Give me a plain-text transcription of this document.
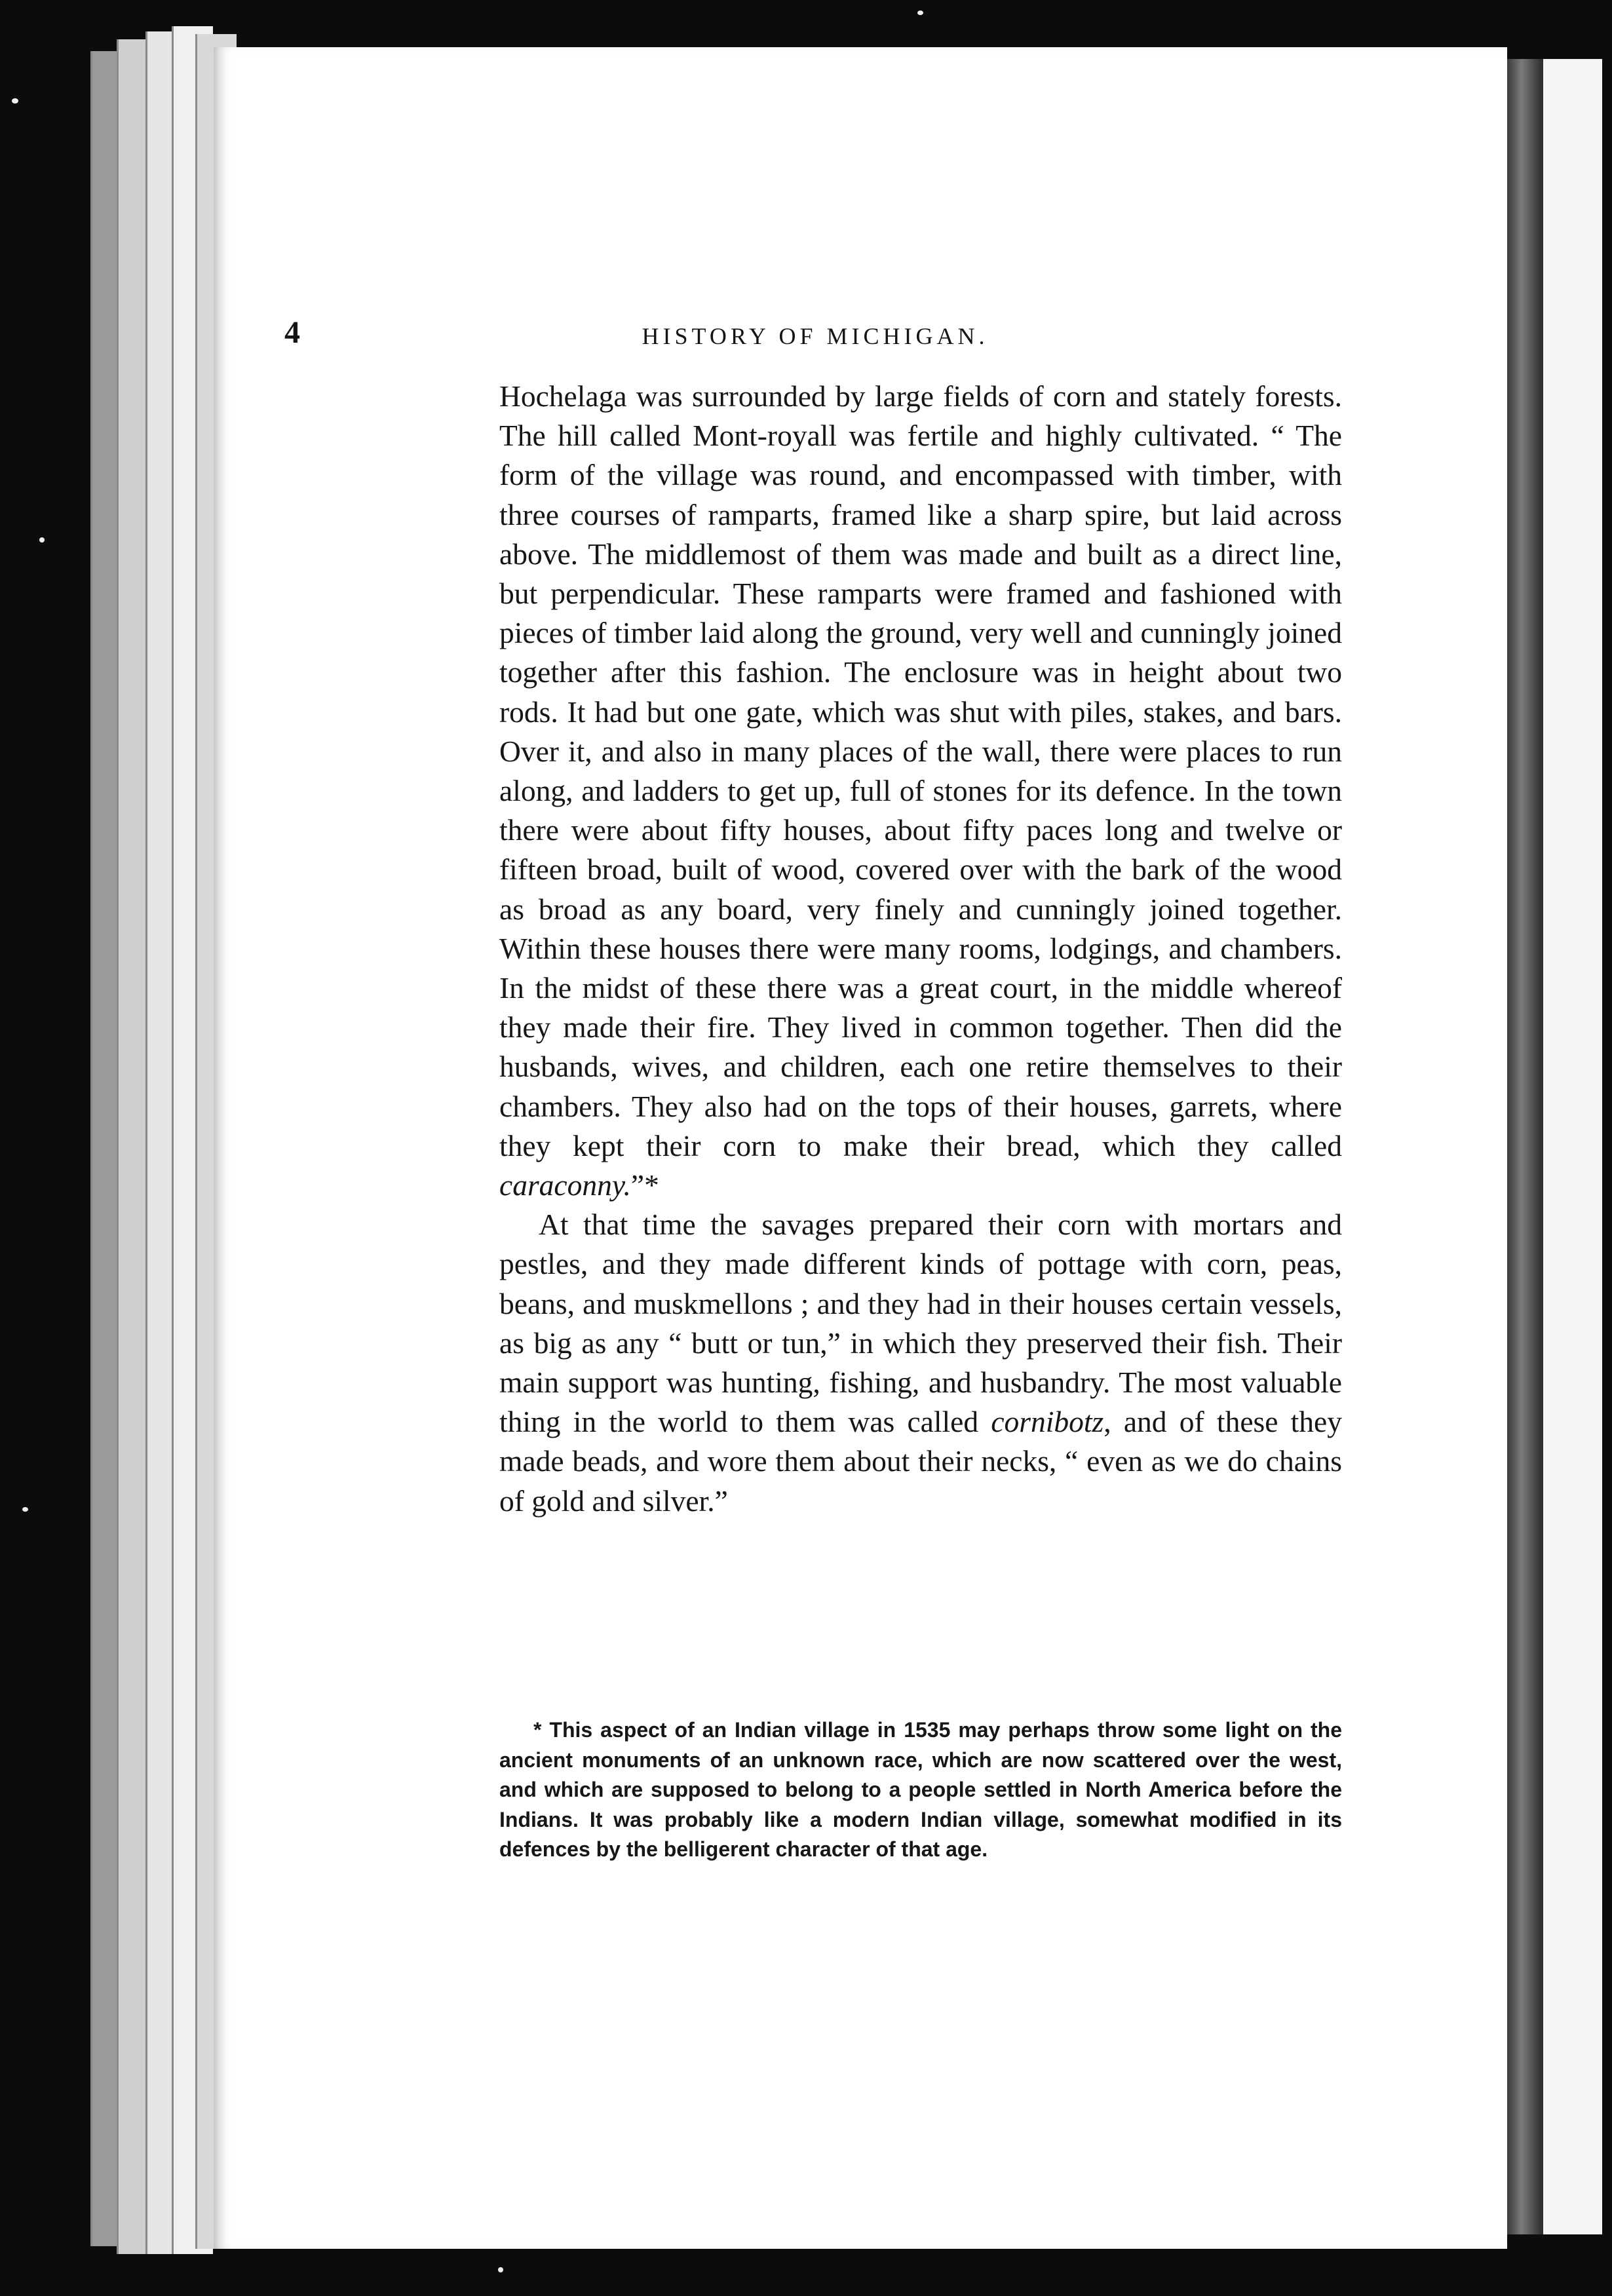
4	HISTORY OF MICHIGAN.

Hochelaga was surrounded by large fields of corn and stately forests. The hill called Mont-royall was fertile and highly cultivated. “ The form of the village was round, and encompassed with timber, with three courses of ramparts, framed like a sharp spire, but laid across above. The middlemost of them was made and built as a direct line, but perpendicular. These ramparts were framed and fashioned with pieces of timber laid along the ground, very well and cunningly joined together after this fashion. The enclosure was in height about two rods. It had but one gate, which was shut with piles, stakes, and bars. Over it, and also in many places of the wall, there were places to run along, and ladders to get up, full of stones for its defence. In the town there were about fifty houses, about fifty paces long and twelve or fifteen broad, built of wood, covered over with the bark of the wood as broad as any board, very finely and cunningly joined together. Within these houses there were many rooms, lodgings, and chambers. In the midst of these there was a great court, in the middle whereof they made their fire. They lived in common together. Then did the husbands, wives, and children, each one retire themselves to their chambers. They also had on the tops of their houses, garrets, where they kept their corn to make their bread, which they called caraconny.”*

At that time the savages prepared their corn with mortars and pestles, and they made different kinds of pottage with corn, peas, beans, and muskmellons ; and they had in their houses certain vessels, as big as any “ butt or tun,” in which they preserved their fish. Their main support was hunting, fishing, and husbandry. The most valuable thing in the world to them was called cornibotz, and of these they made beads, and wore them about their necks, “ even as we do chains of gold and silver.”

* This aspect of an Indian village in 1535 may perhaps throw some light on the ancient monuments of an unknown race, which are now scattered over the west, and which are supposed to belong to a people settled in North America before the Indians. It was probably like a modern Indian village, somewhat modified in its defences by the belligerent character of that age.
